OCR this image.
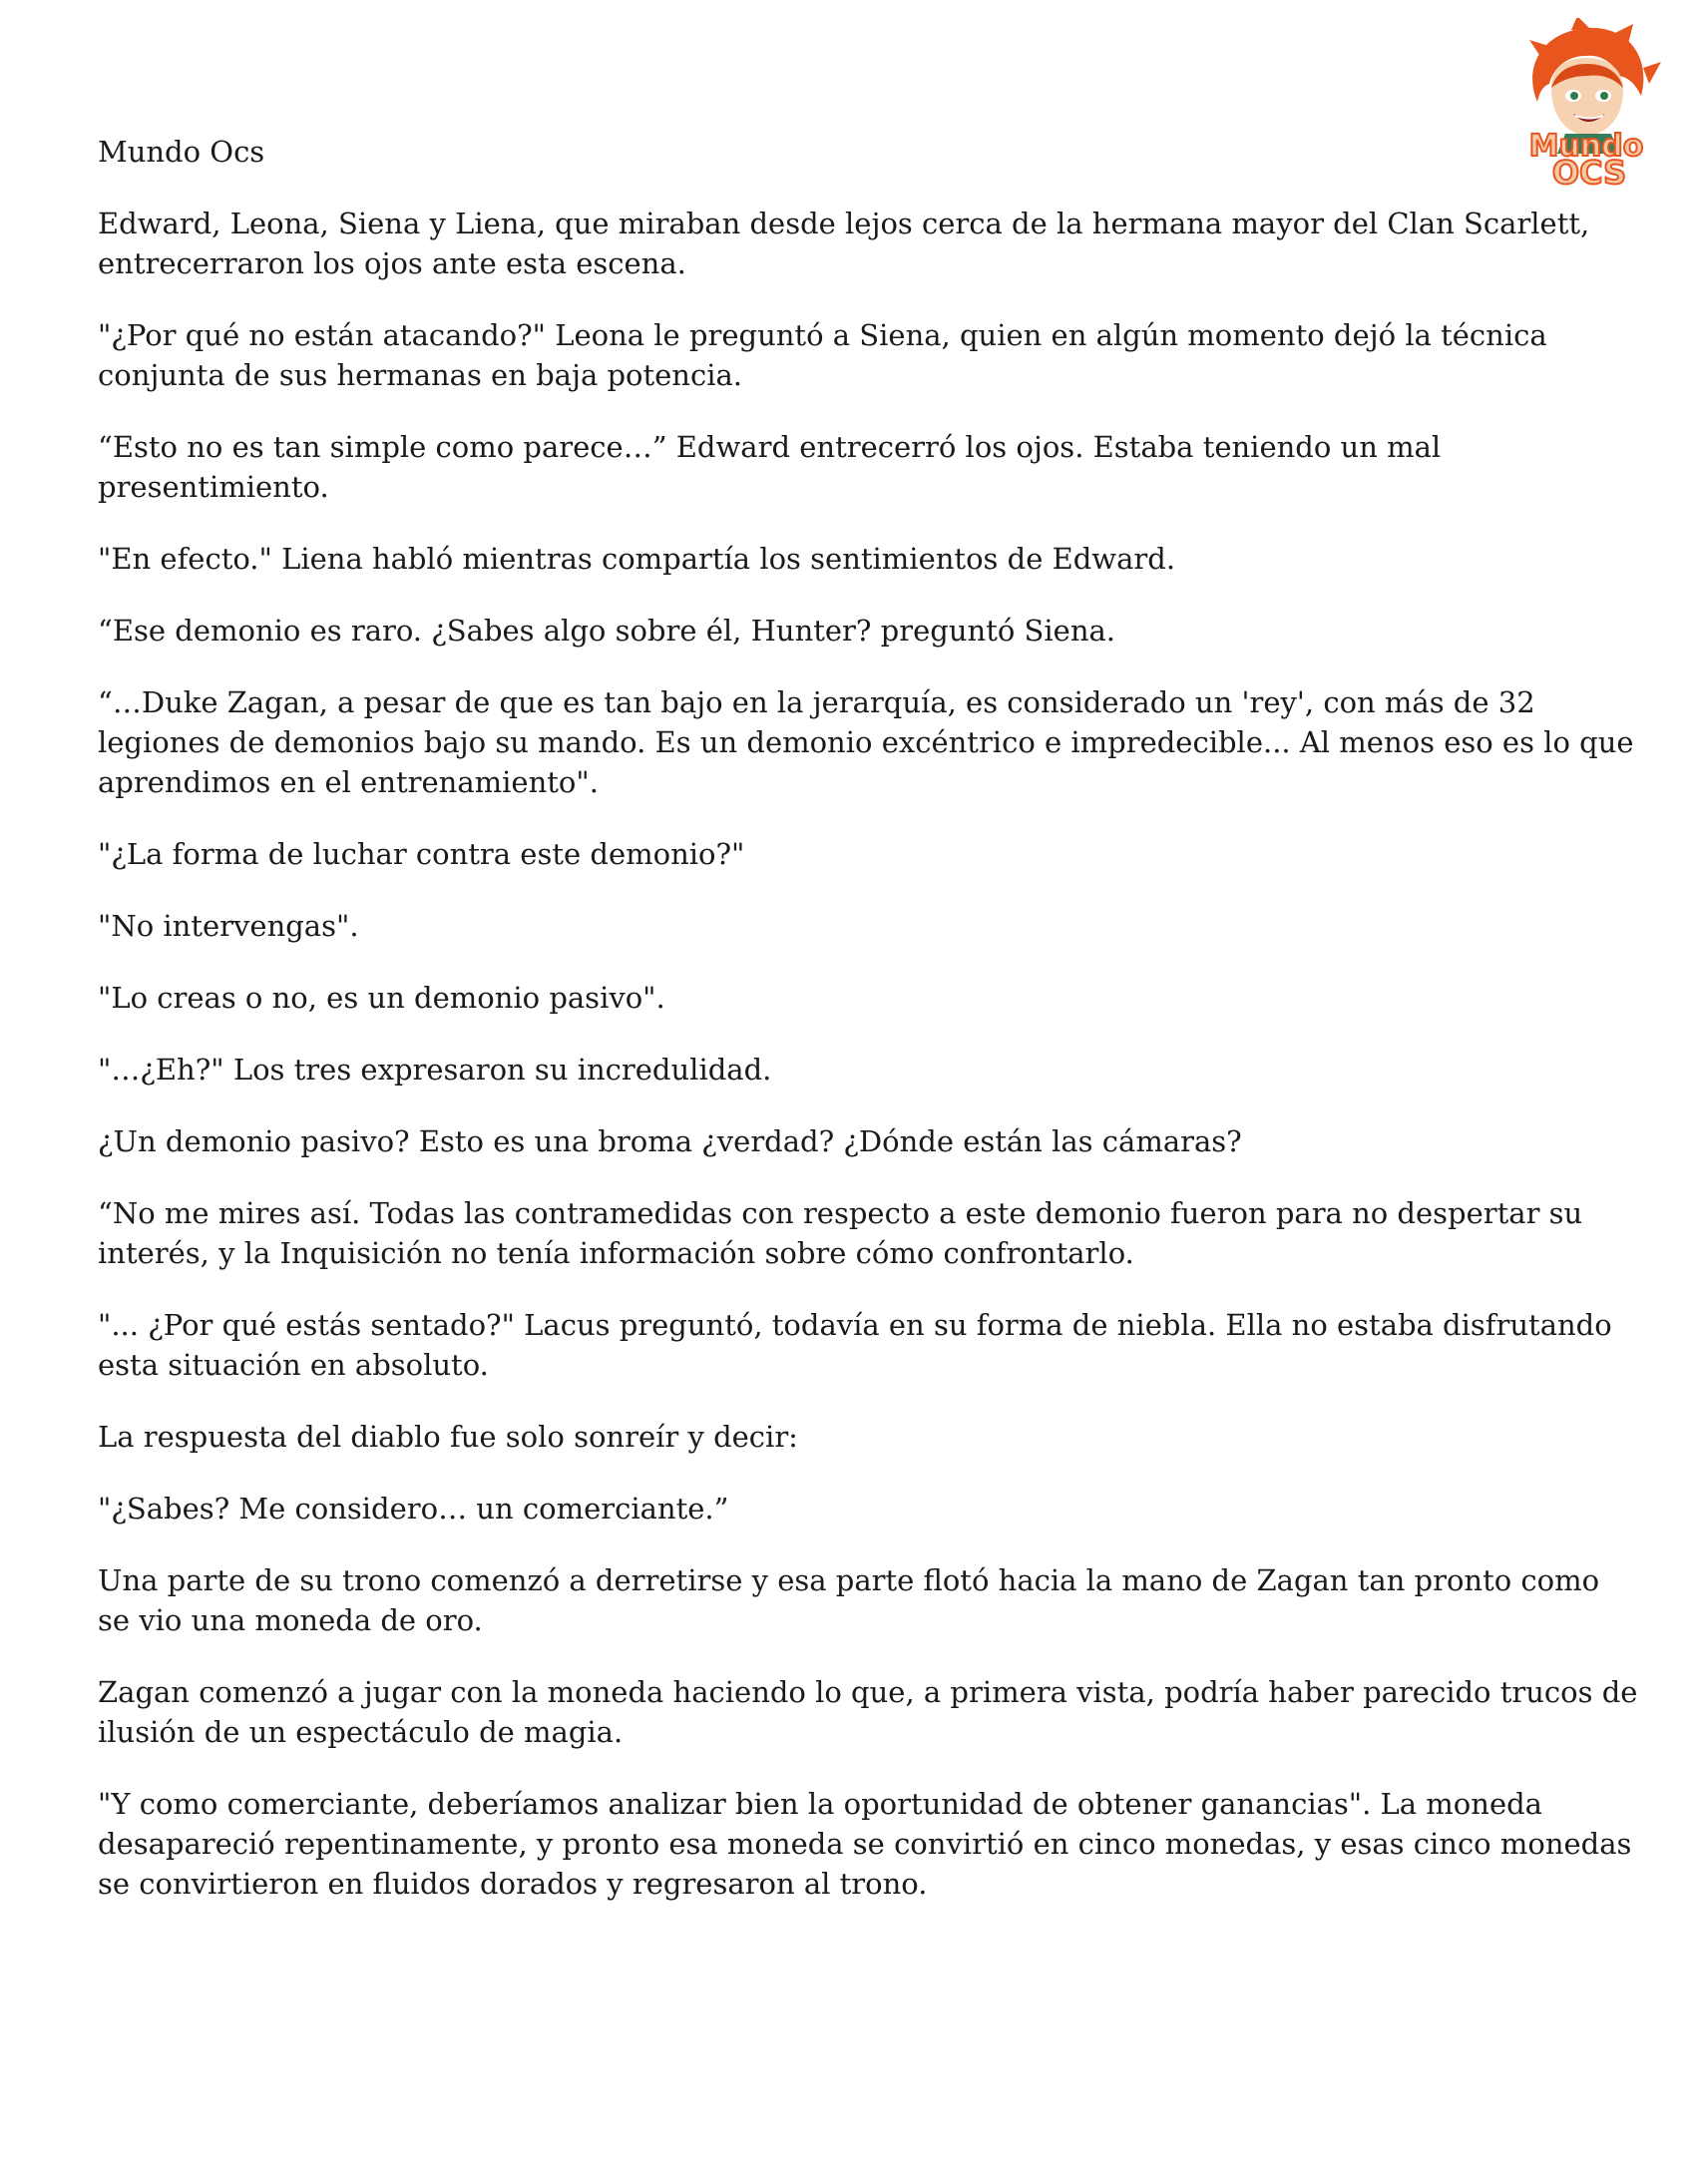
Mundo
OCS
Mundo Ocs

Edward, Leona, Siena y Liena, que miraban desde lejos cerca de la hermana mayor del Clan Scarlett, entrecerraron los ojos ante esta escena.

"¿Por qué no están atacando?" Leona le preguntó a Siena, quien en algún momento dejó la técnica conjunta de sus hermanas en baja potencia.

“Esto no es tan simple como parece…” Edward entrecerró los ojos. Estaba teniendo un mal presentimiento.

"En efecto." Liena habló mientras compartía los sentimientos de Edward.

“Ese demonio es raro. ¿Sabes algo sobre él, Hunter? preguntó Siena.

“…Duke Zagan, a pesar de que es tan bajo en la jerarquía, es considerado un 'rey', con más de 32 legiones de demonios bajo su mando. Es un demonio excéntrico e impredecible... Al menos eso es lo que aprendimos en el entrenamiento".

"¿La forma de luchar contra este demonio?"

"No intervengas".

"Lo creas o no, es un demonio pasivo".

"…¿Eh?" Los tres expresaron su incredulidad.

¿Un demonio pasivo? Esto es una broma ¿verdad? ¿Dónde están las cámaras?

“No me mires así. Todas las contramedidas con respecto a este demonio fueron para no despertar su interés, y la Inquisición no tenía información sobre cómo confrontarlo.

"... ¿Por qué estás sentado?" Lacus preguntó, todavía en su forma de niebla. Ella no estaba disfrutando esta situación en absoluto.

La respuesta del diablo fue solo sonreír y decir:

"¿Sabes? Me considero… un comerciante.”

Una parte de su trono comenzó a derretirse y esa parte flotó hacia la mano de Zagan tan pronto como se vio una moneda de oro.

Zagan comenzó a jugar con la moneda haciendo lo que, a primera vista, podría haber parecido trucos de ilusión de un espectáculo de magia.

"Y como comerciante, deberíamos analizar bien la oportunidad de obtener ganancias". La moneda desapareció repentinamente, y pronto esa moneda se convirtió en cinco monedas, y esas cinco monedas se convirtieron en fluidos dorados y regresaron al trono.
